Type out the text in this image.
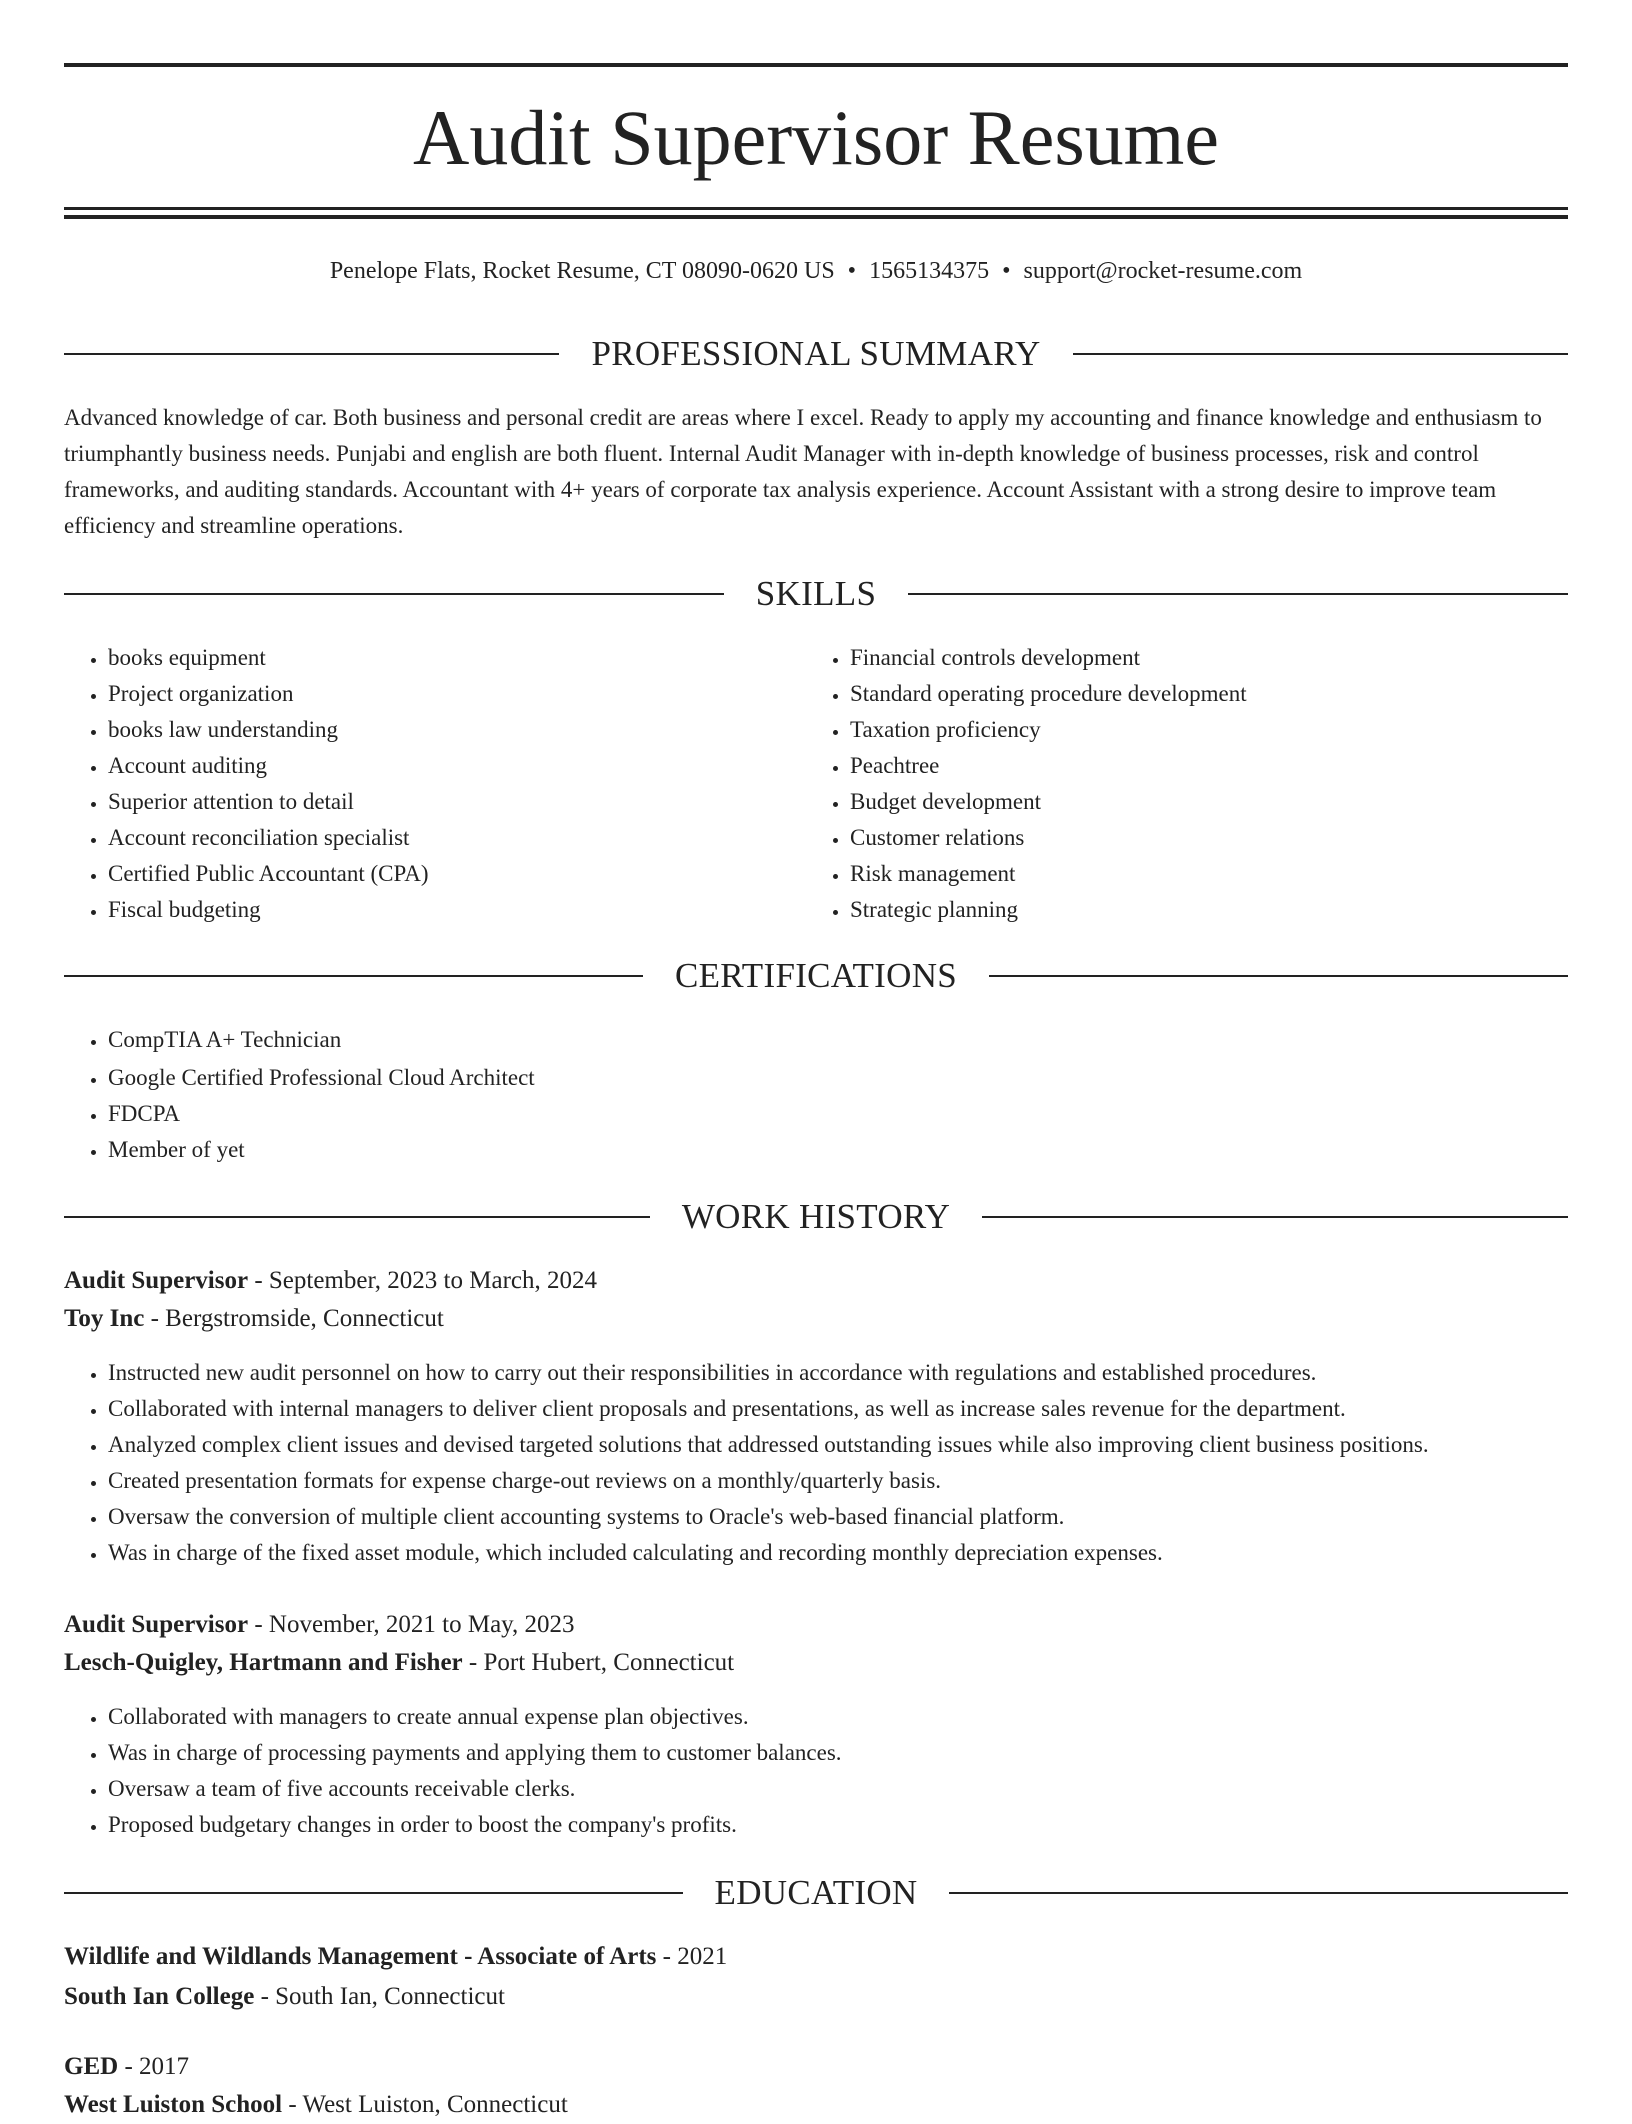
Audit Supervisor Resume
Penelope Flats, Rocket Resume, CT 08090-0620 US • 1565134375 • support@rocket-resume.com
PROFESSIONAL SUMMARY

Advanced knowledge of car. Both business and personal credit are areas where I excel. Ready to apply my accounting and finance knowledge and enthusiasm to triumphantly business needs. Punjabi and english are both fluent. Internal Audit Manager with in-depth knowledge of business processes, risk and control frameworks, and auditing standards. Accountant with 4+ years of corporate tax analysis experience. Account Assistant with a strong desire to improve team efficiency and streamline operations.

SKILLS
• books equipment
• Project organization
• books law understanding
• Account auditing
• Superior attention to detail
• Account reconciliation specialist
• Certified Public Accountant (CPA)
• Fiscal budgeting
• Financial controls development
• Standard operating procedure development
• Taxation proficiency
• Peachtree
• Budget development
• Customer relations
• Risk management
• Strategic planning
CERTIFICATIONS
• CompTIA A+ Technician
• Google Certified Professional Cloud Architect
• FDCPA
• Member of yet
WORK HISTORY
Audit Supervisor - September, 2023 to March, 2024
Toy Inc - Bergstromside, Connecticut
• Instructed new audit personnel on how to carry out their responsibilities in accordance with regulations and established procedures.
• Collaborated with internal managers to deliver client proposals and presentations, as well as increase sales revenue for the department.
• Analyzed complex client issues and devised targeted solutions that addressed outstanding issues while also improving client business positions.
• Created presentation formats for expense charge-out reviews on a monthly/quarterly basis.
• Oversaw the conversion of multiple client accounting systems to Oracle's web-based financial platform.
• Was in charge of the fixed asset module, which included calculating and recording monthly depreciation expenses.
Audit Supervisor - November, 2021 to May, 2023
Lesch-Quigley, Hartmann and Fisher - Port Hubert, Connecticut
• Collaborated with managers to create annual expense plan objectives.
• Was in charge of processing payments and applying them to customer balances.
• Oversaw a team of five accounts receivable clerks.
• Proposed budgetary changes in order to boost the company's profits.
EDUCATION
Wildlife and Wildlands Management - Associate of Arts - 2021
South Ian College - South Ian, Connecticut
GED - 2017
West Luiston School - West Luiston, Connecticut
